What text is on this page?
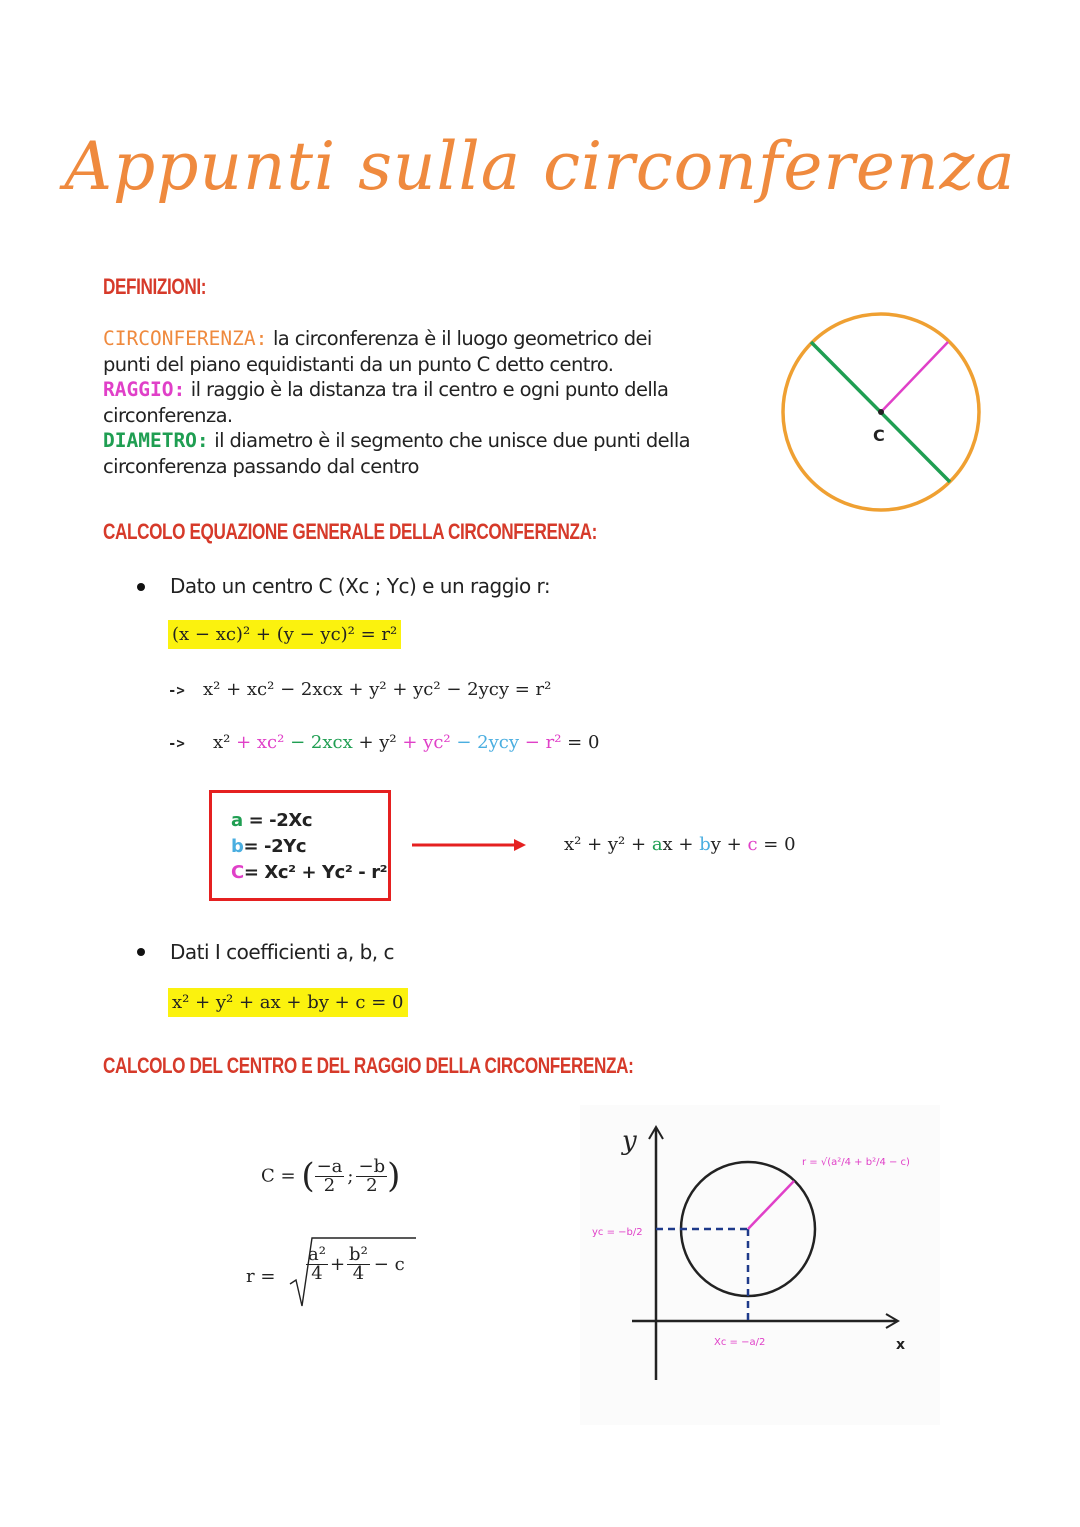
Appunti sulla circonferenza
DEFINIZIONI:
CIRCONFERENZA: la circonferenza è il luogo geometrico dei
punti del piano equidistanti da un punto C detto centro.
RAGGIO: il raggio è la distanza tra il centro e ogni punto della
circonferenza.
DIAMETRO: il diametro è il segmento che unisce due punti della
circonferenza passando dal centro
C
CALCOLO EQUAZIONE GENERALE DELLA CIRCONFERENZA:
Dato un centro C (Xc ; Yc) e un raggio r:
(x − xc)² + (y − yc)² = r²
-> x² + xc² − 2xcx + y² + yc² − 2ycy = r²
-> x² + xc² − 2xcx + y² + yc² − 2ycy − r² = 0
a = -2Xc
b= -2Yc
C= Xc² + Yc² - r²
x² + y² + ax + by + c = 0
Dati I coefficienti a, b, c
x² + y² + ax + by + c = 0
CALCOLO DEL CENTRO E DEL RAGGIO DELLA CIRCONFERENZA:
C = ( $\frac{-a}{2}$ ; $\frac{-b}{2}$ )
$r = \frac{\text{a²}}{4} + \frac{\text{b²}}{4} - c$
y
x
yc = −b/2
Xc = −a/2
r = √(a²/4 + b²/4 − c)
